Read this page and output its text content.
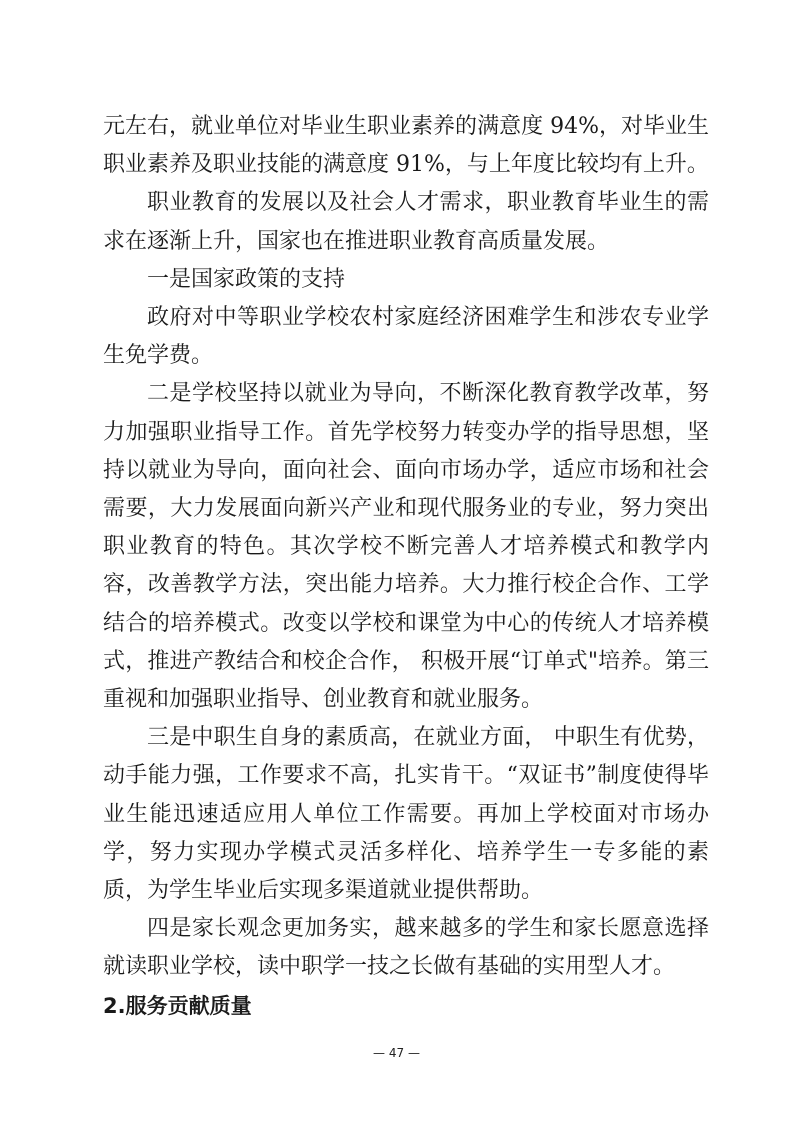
元左右，就业单位对毕业生职业素养的满意度 94%，对毕业生职业素养及职业技能的满意度 91%，与上年度比较均有上升。

职业教育的发展以及社会人才需求，职业教育毕业生的需求在逐渐上升，国家也在推进职业教育高质量发展。

一是国家政策的支持

政府对中等职业学校农村家庭经济困难学生和涉农专业学生免学费。

二是学校坚持以就业为导向，不断深化教育教学改革，努力加强职业指导工作。首先学校努力转变办学的指导思想，坚持以就业为导向，面向社会、面向市场办学，适应市场和社会需要，大力发展面向新兴产业和现代服务业的专业，努力突出职业教育的特色。其次学校不断完善人才培养模式和教学内容，改善教学方法，突出能力培养。大力推行校企合作、工学结合的培养模式。改变以学校和课堂为中心的传统人才培养模式，推进产教结合和校企合作， 积极开展“订单式"培养。第三重视和加强职业指导、创业教育和就业服务。

三是中职生自身的素质高，在就业方面， 中职生有优势，动手能力强，工作要求不高，扎实肯干。“双证书”制度使得毕业生能迅速适应用人单位工作需要。再加上学校面对市场办学，努力实现办学模式灵活多样化、培养学生一专多能的素质，为学生毕业后实现多渠道就业提供帮助。

四是家长观念更加务实，越来越多的学生和家长愿意选择就读职业学校，读中职学一技之长做有基础的实用型人才。

2.服务贡献质量

— 47 —
